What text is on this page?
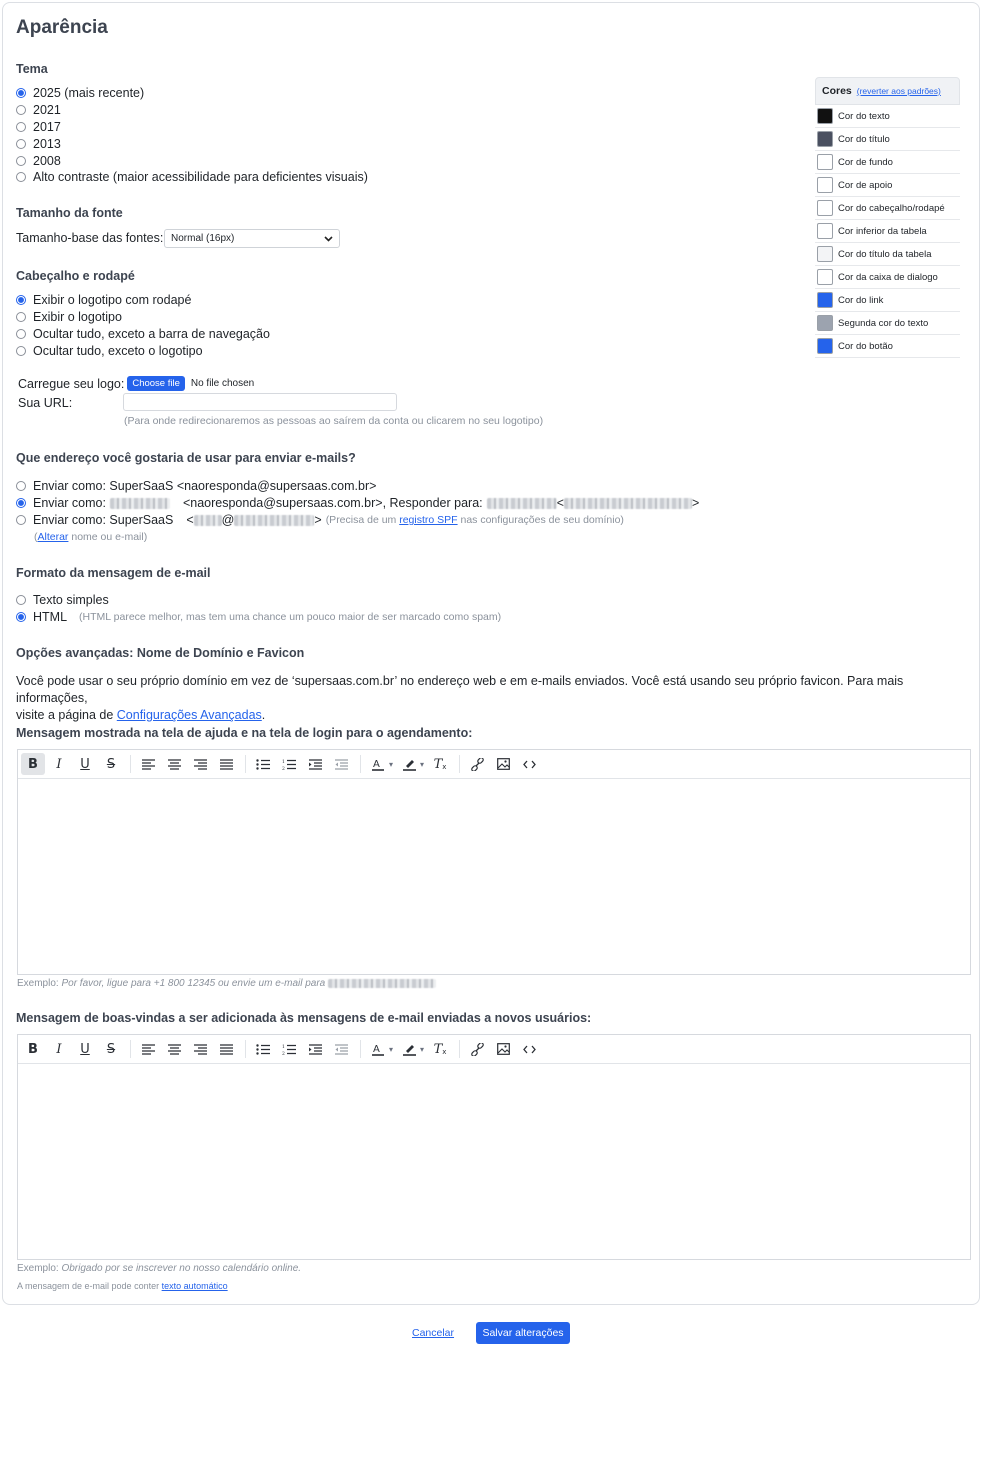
Aparência
Tema
2025 (mais recente)
2021
2017
2013
2008
Alto contraste (maior acessibilidade para deficientes visuais)
Tamanho da fonte
Tamanho-base das fontes: Normal (16px)
Cabeçalho e rodapé
Exibir o logotipo com rodapé
Exibir o logotipo
Ocultar tudo, exceto a barra de navegação
Ocultar tudo, exceto o logotipo
Carregue seu logo: Choose file	No file chosen
Sua URL:
(Para onde redirecionaremos as pessoas ao saírem da conta ou clicarem no seu logotipo)
Que endereço você gostaria de usar para enviar e-mails?
Enviar como: SuperSaaS <naoresponda@supersaas.com.br>
Enviar como:	<naoresponda@supersaas.com.br>, Responder para:	<	>
Enviar como: SuperSaaS < @	> (Precisa de um registro SPF nas configurações de seu domínio)
(Alterar nome ou e-mail)
Formato da mensagem de e-mail
Texto simples
HTML (HTML parece melhor, mas tem uma chance um pouco maior de ser marcado como spam)
Opções avançadas: Nome de Domínio e Favicon
Você pode usar o seu próprio domínio em vez de ‘supersaas.com.br’ no endereço web e em e-mails enviados. Você está usando seu próprio favicon. Para mais informações,
visite a página de Configurações Avançadas.
Mensagem mostrada na tela de ajuda e na tela de login para o agendamento:
B I U S	1
2	A ▾	▾ T x
Exemplo: Por favor, ligue para +1 800 12345 ou envie um e-mail para
Mensagem de boas-vindas a ser adicionada às mensagens de e-mail enviadas a novos usuários:
B I U S	1
2	A ▾	▾ T x
Exemplo: Obrigado por se inscrever no nosso calendário online.
A mensagem de e-mail pode conter texto automático
Cores (reverter aos padrões)
Cor do texto
Cor do título
Cor de fundo
Cor de apoio
Cor do cabeçalho/rodapé
Cor inferior da tabela
Cor do título da tabela
Cor da caixa de dialogo
Cor do link
Segunda cor do texto
Cor do botão
Cancelar	Salvar alterações
